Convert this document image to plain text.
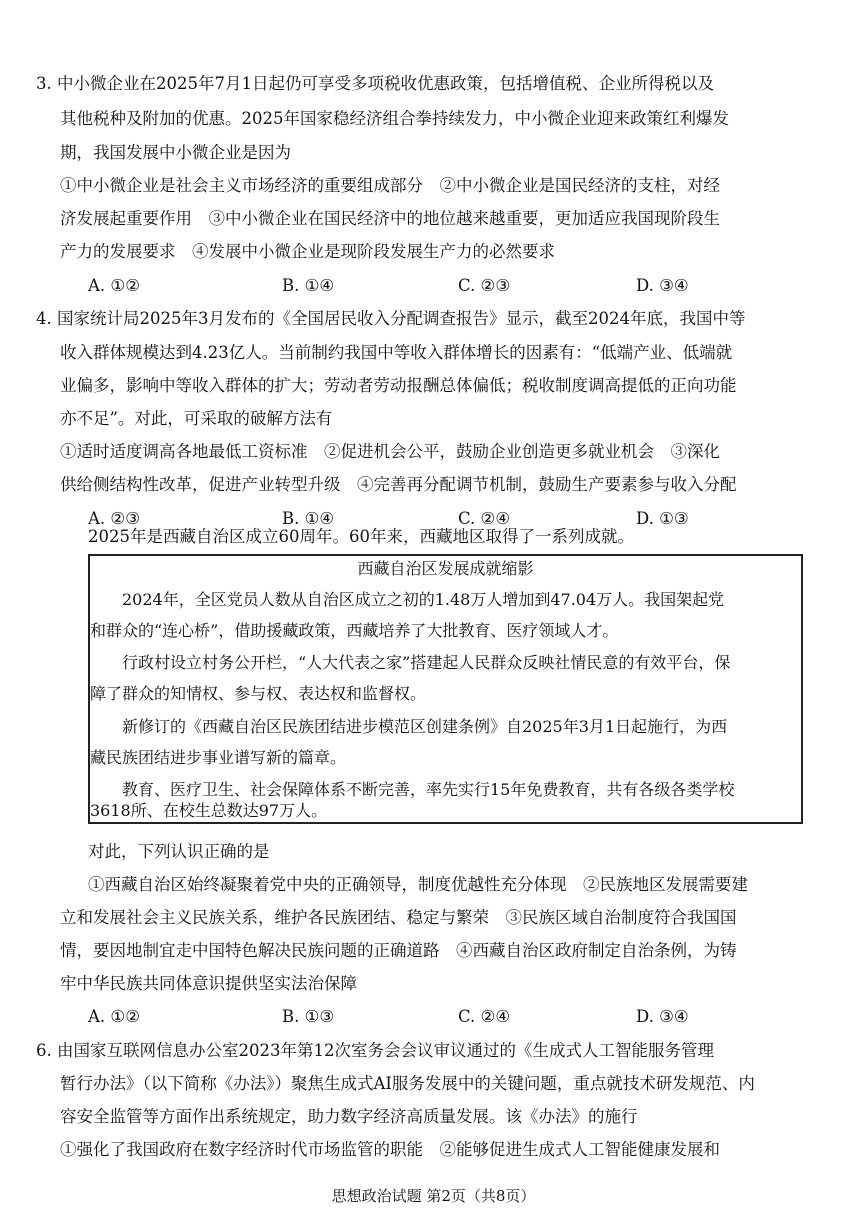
3. 中小微企业在2025年7月1日起仍可享受多项税收优惠政策，包括增值税、企业所得税以及
其他税种及附加的优惠。2025年国家稳经济组合拳持续发力，中小微企业迎来政策红利爆发
期，我国发展中小微企业是因为
①中小微企业是社会主义市场经济的重要组成部分　②中小微企业是国民经济的支柱，对经
济发展起重要作用　③中小微企业在国民经济中的地位越来越重要，更加适应我国现阶段生
产力的发展要求　④发展中小微企业是现阶段发展生产力的必然要求
A. ①②	B. ①④	C. ②③	D. ③④
4. 国家统计局2025年3月发布的《全国居民收入分配调查报告》显示，截至2024年底，我国中等
收入群体规模达到4.23亿人。当前制约我国中等收入群体增长的因素有：“低端产业、低端就
业偏多，影响中等收入群体的扩大；劳动者劳动报酬总体偏低；税收制度调高提低的正向功能
亦不足”。对此，可采取的破解方法有
①适时适度调高各地最低工资标准　②促进机会公平，鼓励企业创造更多就业机会　③深化
供给侧结构性改革，促进产业转型升级　④完善再分配调节机制，鼓励生产要素参与收入分配
A. ②③	B. ①④	C. ②④	D. ①③
2025年是西藏自治区成立60周年。60年来，西藏地区取得了一系列成就。
西藏自治区发展成就缩影
2024年，全区党员人数从自治区成立之初的1.48万人增加到47.04万人。我国架起党
和群众的“连心桥”，借助援藏政策，西藏培养了大批教育、医疗领域人才。
行政村设立村务公开栏，“人大代表之家”搭建起人民群众反映社情民意的有效平台，保
障了群众的知情权、参与权、表达权和监督权。
新修订的《西藏自治区民族团结进步模范区创建条例》自2025年3月1日起施行，为西
藏民族团结进步事业谱写新的篇章。
教育、医疗卫生、社会保障体系不断完善，率先实行15年免费教育，共有各级各类学校
3618所、在校生总数达97万人。
对此，下列认识正确的是
①西藏自治区始终凝聚着党中央的正确领导，制度优越性充分体现　②民族地区发展需要建
立和发展社会主义民族关系，维护各民族团结、稳定与繁荣　③民族区域自治制度符合我国国
情，要因地制宜走中国特色解决民族问题的正确道路　④西藏自治区政府制定自治条例，为铸
牢中华民族共同体意识提供坚实法治保障
A. ①②	B. ①③	C. ②④	D. ③④
6. 由国家互联网信息办公室2023年第12次室务会会议审议通过的《生成式人工智能服务管理
暂行办法》（以下简称《办法》）聚焦生成式AI服务发展中的关键问题，重点就技术研发规范、内
容安全监管等方面作出系统规定，助力数字经济高质量发展。该《办法》的施行
①强化了我国政府在数字经济时代市场监管的职能　②能够促进生成式人工智能健康发展和
思想政治试题 第2页（共8页）
